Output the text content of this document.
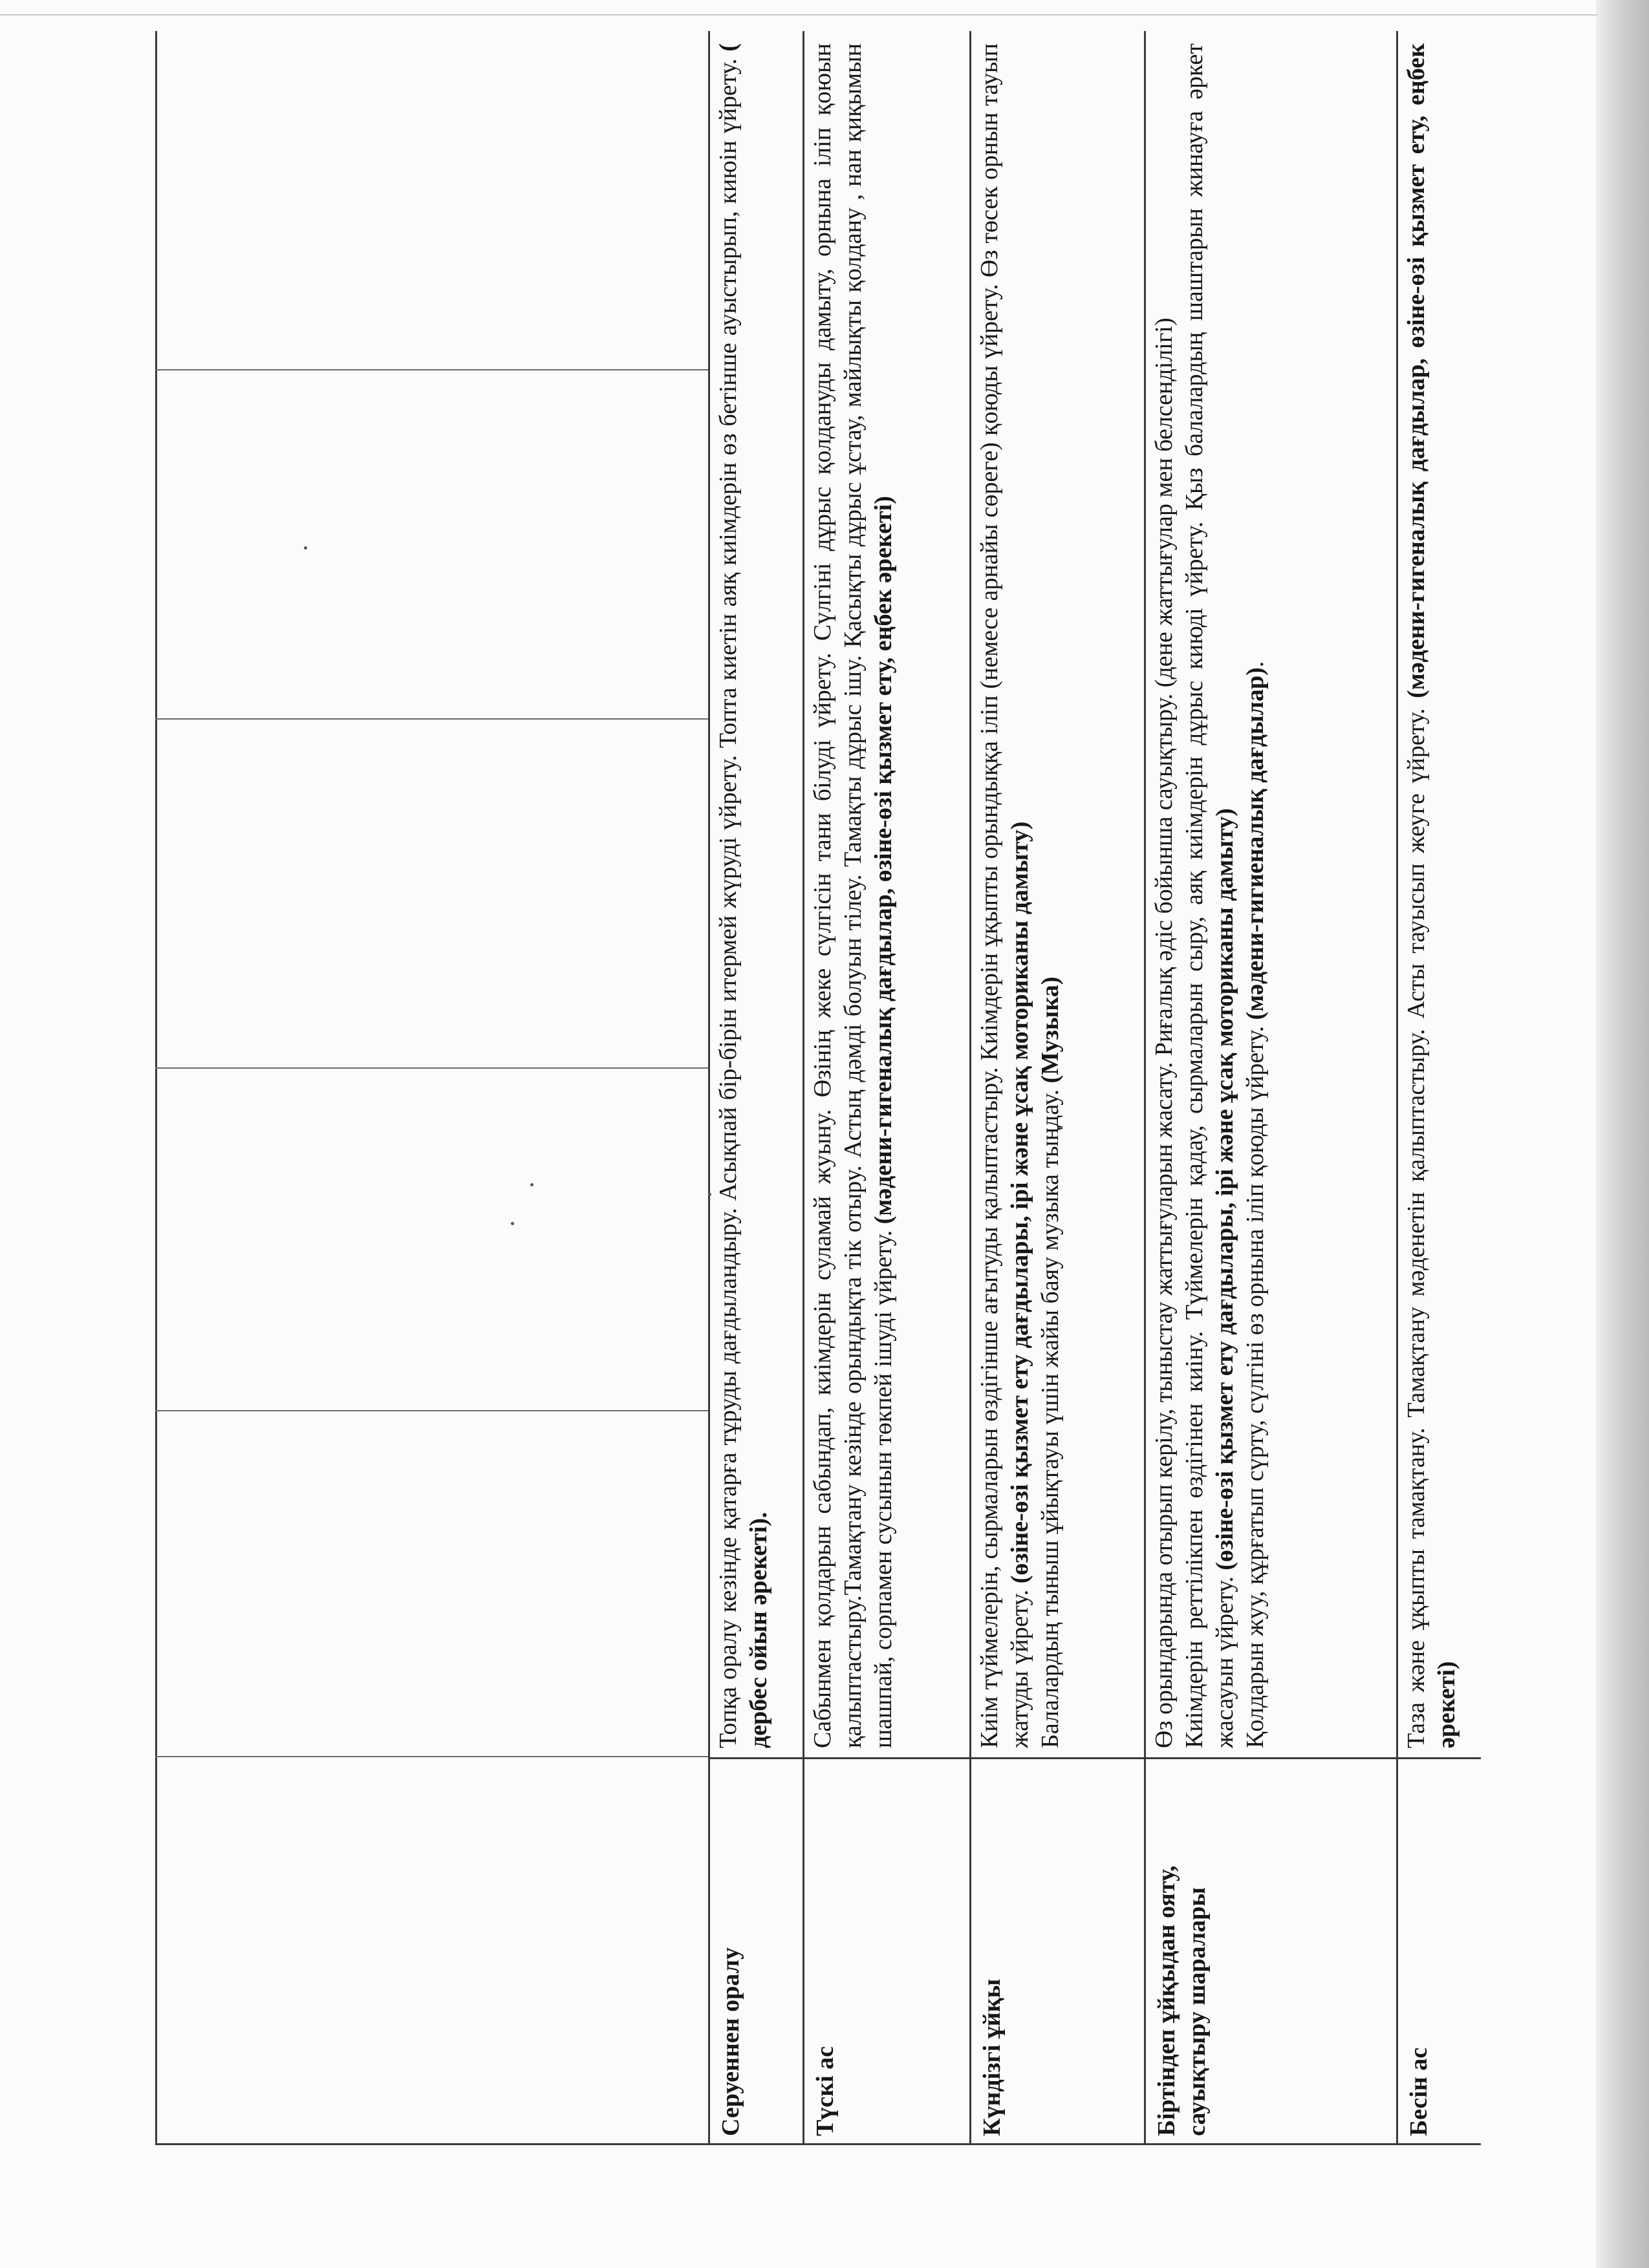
Серуеннен оралу
Топқа оралу кезінде қатарға тұруды дағдыландыру. Асықпай бір-бірін итермей жүруді үйрету. Топта киетін аяқ киімдерін өз бетінше ауыстырып, киюін үйрету. ( дербес ойын әрекеті).
Түскі ас
Сабынмен қолдарын сабындап, киімдерін суламай жуыну. Өзінің жеке сүлгісін тани білуді үйрету. Сүлгіні дұрыс қолдануды дамыту, орнына іліп қоюын қалыптастыру.Тамақтану кезінде орындықта тік отыру. Астың дәмді болуын тілеу. Тамақты дұрыс ішу. Қасықты дұрыс ұстау, майлықты қолдану , нан қиқымын шашпай, сорпамен сусынын төкпей ішуді үйрету. (мәдени-гигеналық дағдылар, өзіне-өзі қызмет ету, еңбек әрекеті)
Күндізгі ұйқы

Киім түймелерін, сырмаларын өздігінше ағытуды қалыптастыру. Киімдерін ұқыпты орындыққа іліп (немесе арнайы сөреге) қоюды үйрету. Өз төсек орнын тауып жатуды үйрету. (өзіне-өзі қызмет ету дағдылары, ірі және ұсақ моториканы дамыту) Балалардың тыныш ұйықтауы үшін жайы баяу музыка тыңдау. (Музыка)

Біртіндеп ұйқыдан ояту, сауықтыру шаралары

Өз орындарында отырып керілу, тыныстау жаттығуларын жасату. Риғалық әдіс бойынша сауықтыру. (дене жаттығулар мен белсенділігі) Киімдерін реттілікпен өздігінен киіну. Түймелерін қадау, сырмаларын сыру, аяқ киімдерін дұрыс киюді үйрету. Қыз балалардың шаштарын жинауға әркет жасауын үйрету. (өзіне-өзі қызмет ету дағдылары, ірі және ұсақ моториканы дамыту) Қолдарын жуу, құрғатып сүрту, сүлгіні өз орнына іліп қоюды үйрету. (мәдени-гигиеналық дағдылар).

Бесін ас
Таза және ұқыпты тамақтану. Тамақтану мәденетін қалыптастыру. Асты тауысып жеуге үйрету. (мәдени-гигеналық дағдылар, өзіне-өзі қызмет ету, еңбек әрекеті)
